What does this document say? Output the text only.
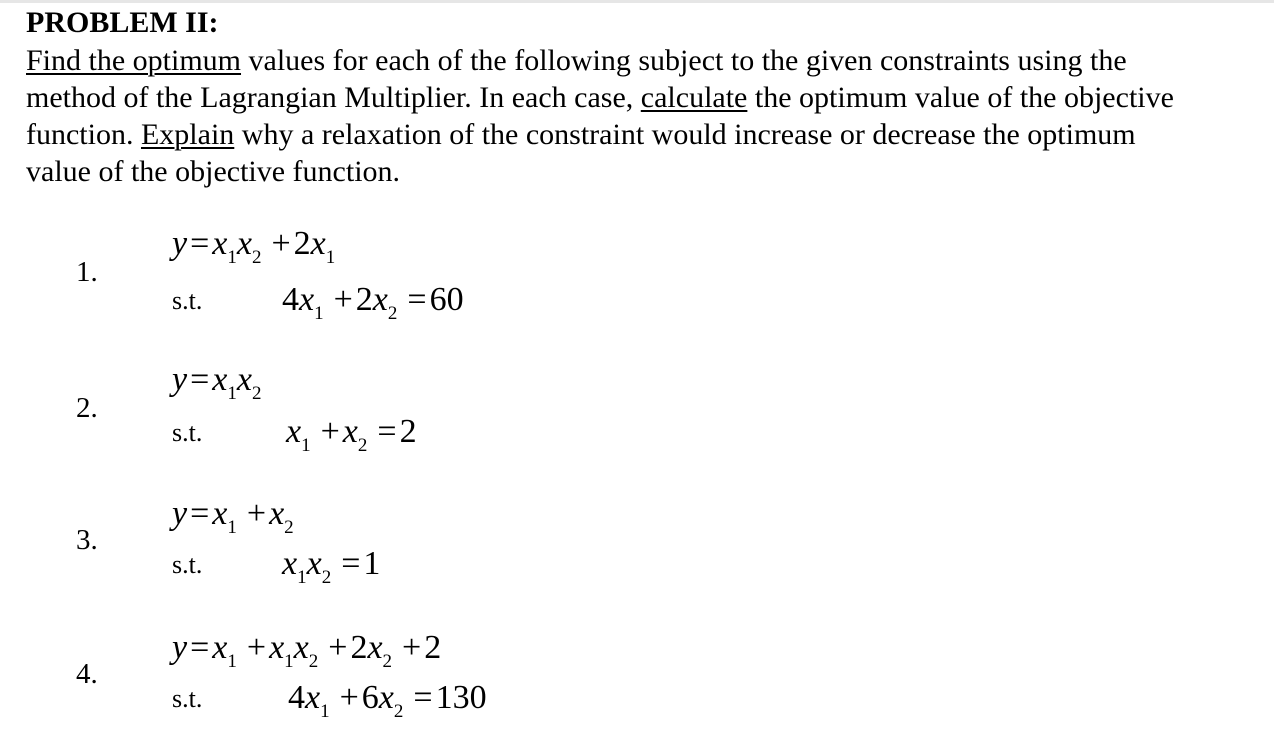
PROBLEM II:
Find the optimum values for each of the following subject to the given constraints using the
method of the Lagrangian Multiplier. In each case, calculate the optimum value of the objective
function. Explain why a relaxation of the constraint would increase or decrease the optimum
value of the objective function.
1.
$y=x_1x_2 +2x_1$
s.t. $4x_1 +2x_2 =60$
2.
$y=x_1x_2$
s.t. $x_1 +x_2 =2$
3.
$y=x_1 +x_2$
s.t. $x_1x_2 =1$
4.
$y=x_1 +x_1x_2 +2x_2 +2$
s.t.	$4x_1 +6x_2 =130$
